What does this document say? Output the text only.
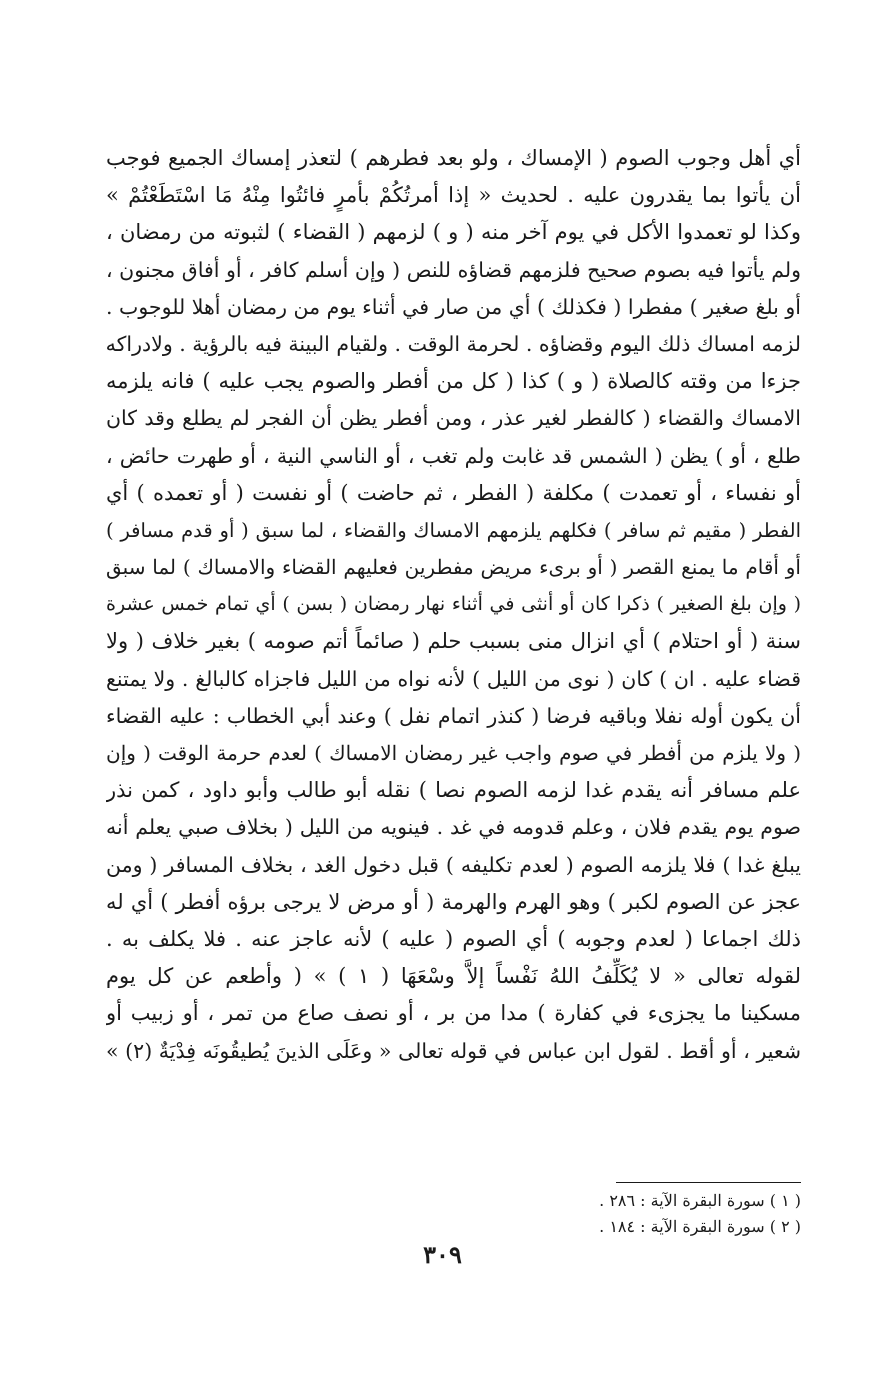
أي أهل وجوب الصوم ( الإمساك ، ولو بعد فطرهم ) لتعذر إمساك الجميع فوجب
أن يأتوا بما يقدرون عليه . لحديث « إذا أمرتُكُمْ بأمرٍ فائتُوا مِنْهُ مَا اسْتَطَعْتُمْ »
وكذا لو تعمدوا الأكل في يوم آخر منه ( و ) لزمهم ( القضاء ) لثبوته من رمضان ،
ولم يأتوا فيه بصوم صحيح فلزمهم قضاؤه للنص ( وإن أسلم كافر ، أو أفاق مجنون ،
أو بلغ صغير ) مفطرا ( فكذلك ) أي من صار في أثناء يوم من رمضان أهلا للوجوب .
لزمه امساك ذلك اليوم وقضاؤه . لحرمة الوقت . ولقيام البينة فيه بالرؤية . ولادراكه
جزءا من وقته كالصلاة ( و ) كذا ( كل من أفطر والصوم يجب عليه ) فانه يلزمه
الامساك والقضاء ( كالفطر لغير عذر ، ومن أفطر يظن أن الفجر لم يطلع وقد كان
طلع ، أو ) يظن ( الشمس قد غابت ولم تغب ، أو الناسي النية ، أو طهرت حائض ،
أو نفساء ، أو تعمدت ) مكلفة ( الفطر ، ثم حاضت ) أو نفست ( أو تعمده ) أي
الفطر ( مقيم ثم سافر ) فكلهم يلزمهم الامساك والقضاء ، لما سبق ( أو قدم مسافر )
أو أقام ما يمنع القصر ( أو برىء مريض مفطرين فعليهم القضاء والامساك ) لما سبق
( وإن بلغ الصغير ) ذكرا كان أو أنثى في أثناء نهار رمضان ( بسن ) أي تمام خمس عشرة
سنة ( أو احتلام ) أي انزال منى بسبب حلم ( صائماً أتم صومه ) بغير خلاف ( ولا
قضاء عليه . ان ) كان ( نوى من الليل ) لأنه نواه من الليل فاجزاه كالبالغ . ولا يمتنع
أن يكون أوله نفلا وباقيه فرضا ( كنذر اتمام نفل ) وعند أبي الخطاب : عليه القضاء
( ولا يلزم من أفطر في صوم واجب غير رمضان الامساك ) لعدم حرمة الوقت ( وإن
علم مسافر أنه يقدم غدا لزمه الصوم نصا ) نقله أبو طالب وأبو داود ، كمن نذر
صوم يوم يقدم فلان ، وعلم قدومه في غد . فينويه من الليل ( بخلاف صبي يعلم أنه
يبلغ غدا ) فلا يلزمه الصوم ( لعدم تكليفه ) قبل دخول الغد ، بخلاف المسافر ( ومن
عجز عن الصوم لكبر ) وهو الهرم والهرمة ( أو مرض لا يرجى برؤه أفطر ) أي له
ذلك اجماعا ( لعدم وجوبه ) أي الصوم ( عليه ) لأنه عاجز عنه . فلا يكلف به .
لقوله تعالى « لا يُكَلِّفُ اللهُ نَفْساً إلاَّ وسْعَهَا ( ١ ) » ( وأطعم عن كل يوم
مسكينا ما يجزىء في كفارة ) مدا من بر ، أو نصف صاع من تمر ، أو زبيب أو
شعير ، أو أقط . لقول ابن عباس في قوله تعالى « وعَلَى الذينَ يُطيقُونَه فِدْيَةٌ (٢) »
( ١ ) سورة البقرة الآية : ٢٨٦ .
( ٢ ) سورة البقرة الآية : ١٨٤ .
٣٠٩
